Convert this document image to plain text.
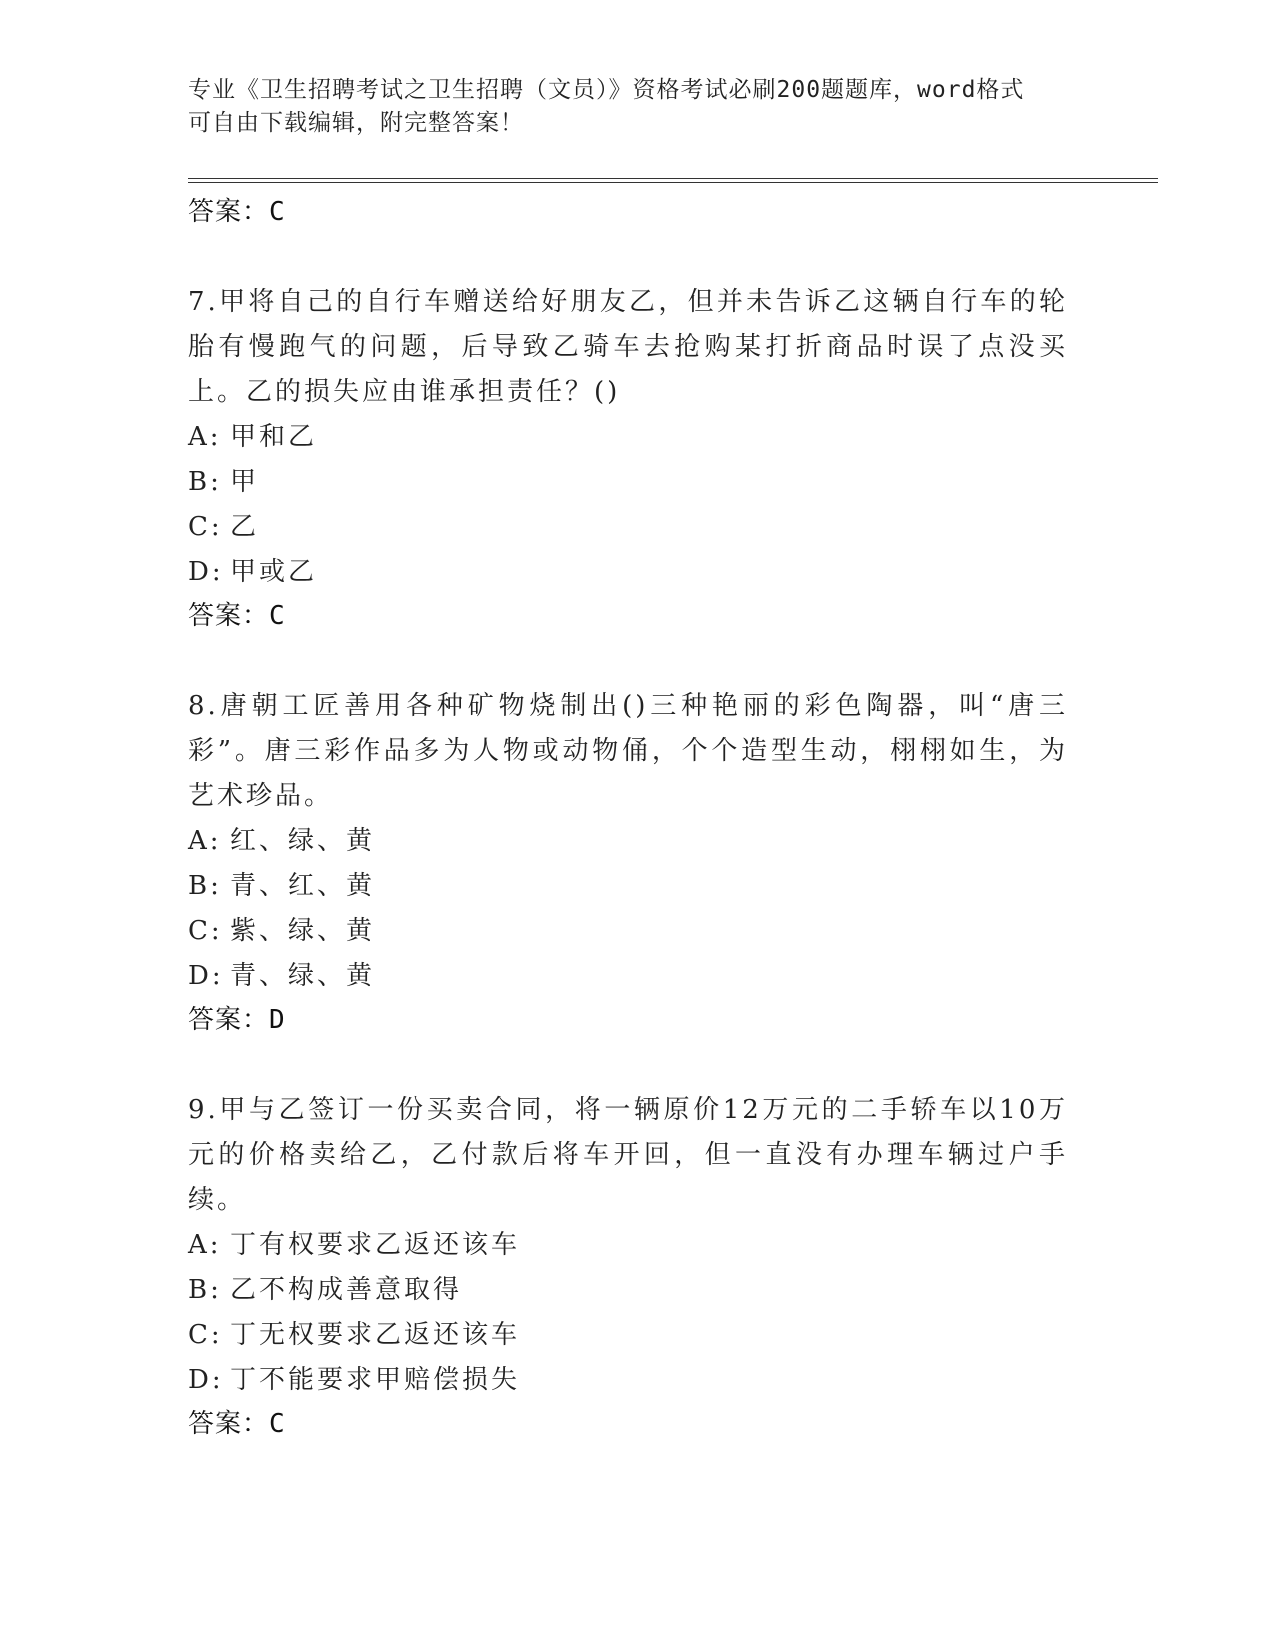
专业《卫生招聘考试之卫生招聘（文员）》资格考试必刷200题题库，word格式
可自由下载编辑，附完整答案！
答案：C
7.甲将自己的自行车赠送给好朋友乙，但并未告诉乙这辆自行车的轮胎有慢跑气的问题，后导致乙骑车去抢购某打折商品时误了点没买上。乙的损失应由谁承担责任？()
A: 甲和乙
B: 甲
C: 乙
D: 甲或乙
答案：C
8.唐朝工匠善用各种矿物烧制出()三种艳丽的彩色陶器，叫“唐三彩”。唐三彩作品多为人物或动物俑，个个造型生动，栩栩如生，为艺术珍品。
A: 红、绿、黄
B: 青、红、黄
C: 紫、绿、黄
D: 青、绿、黄
答案：D
9.甲与乙签订一份买卖合同，将一辆原价12万元的二手轿车以10万元的价格卖给乙，乙付款后将车开回，但一直没有办理车辆过户手续。
A: 丁有权要求乙返还该车
B: 乙不构成善意取得
C: 丁无权要求乙返还该车
D: 丁不能要求甲赔偿损失
答案：C
